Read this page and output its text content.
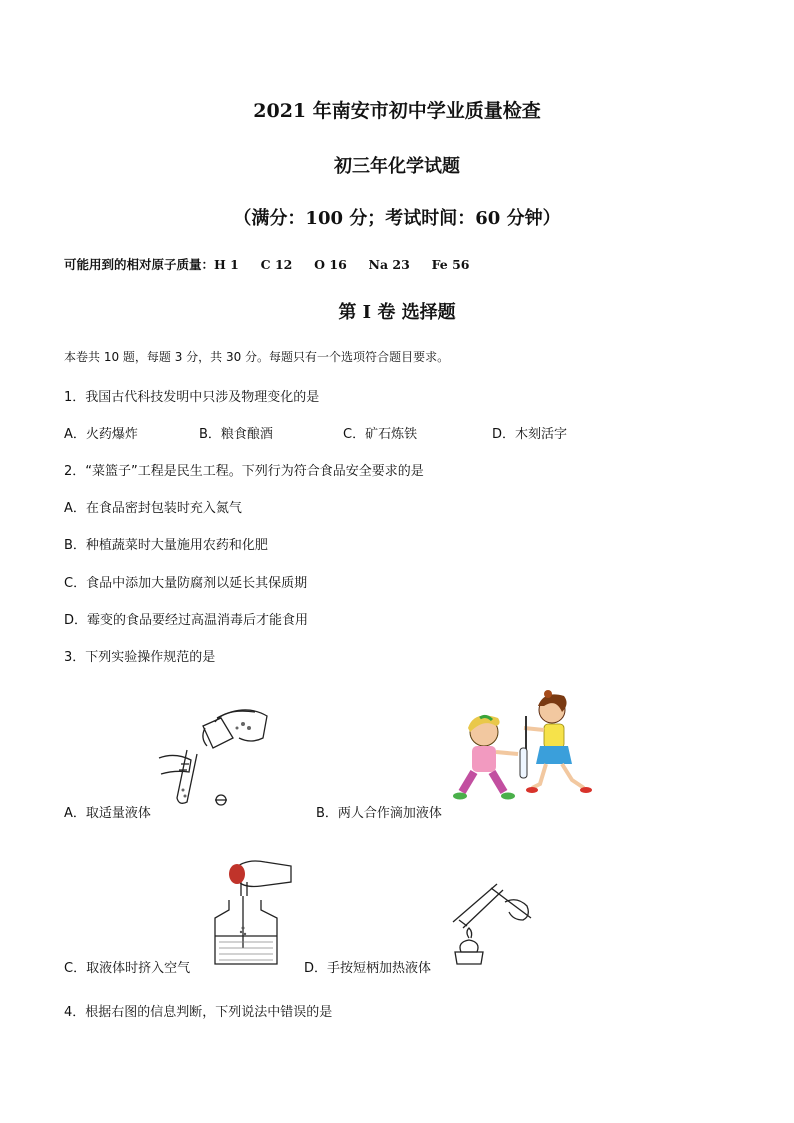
2021 年南安市初中学业质量检查
初三年化学试题
（满分：100 分；考试时间：60 分钟）
可能用到的相对原子质量：H 1 C 12 O 16 Na 23 Fe 56
第 I 卷 选择题
本卷共 10 题，每题 3 分，共 30 分。每题只有一个选项符合题目要求。
1．我国古代科技发明中只涉及物理变化的是
A．火药爆炸	B．粮食酿酒	C．矿石炼铁	D．木刻活字
2．“菜篮子”工程是民生工程。下列行为符合食品安全要求的是
A．在食品密封包装时充入氮气
B．种植蔬菜时大量施用农药和化肥
C．食品中添加大量防腐剂以延长其保质期
D．霉变的食品要经过高温消毒后才能食用
3．下列实验操作规范的是
A．取适量液体	B．两人合作滴加液体
C．取液体时挤入空气	D．手按短柄加热液体
4．根据右图的信息判断，下列说法中错误的是
